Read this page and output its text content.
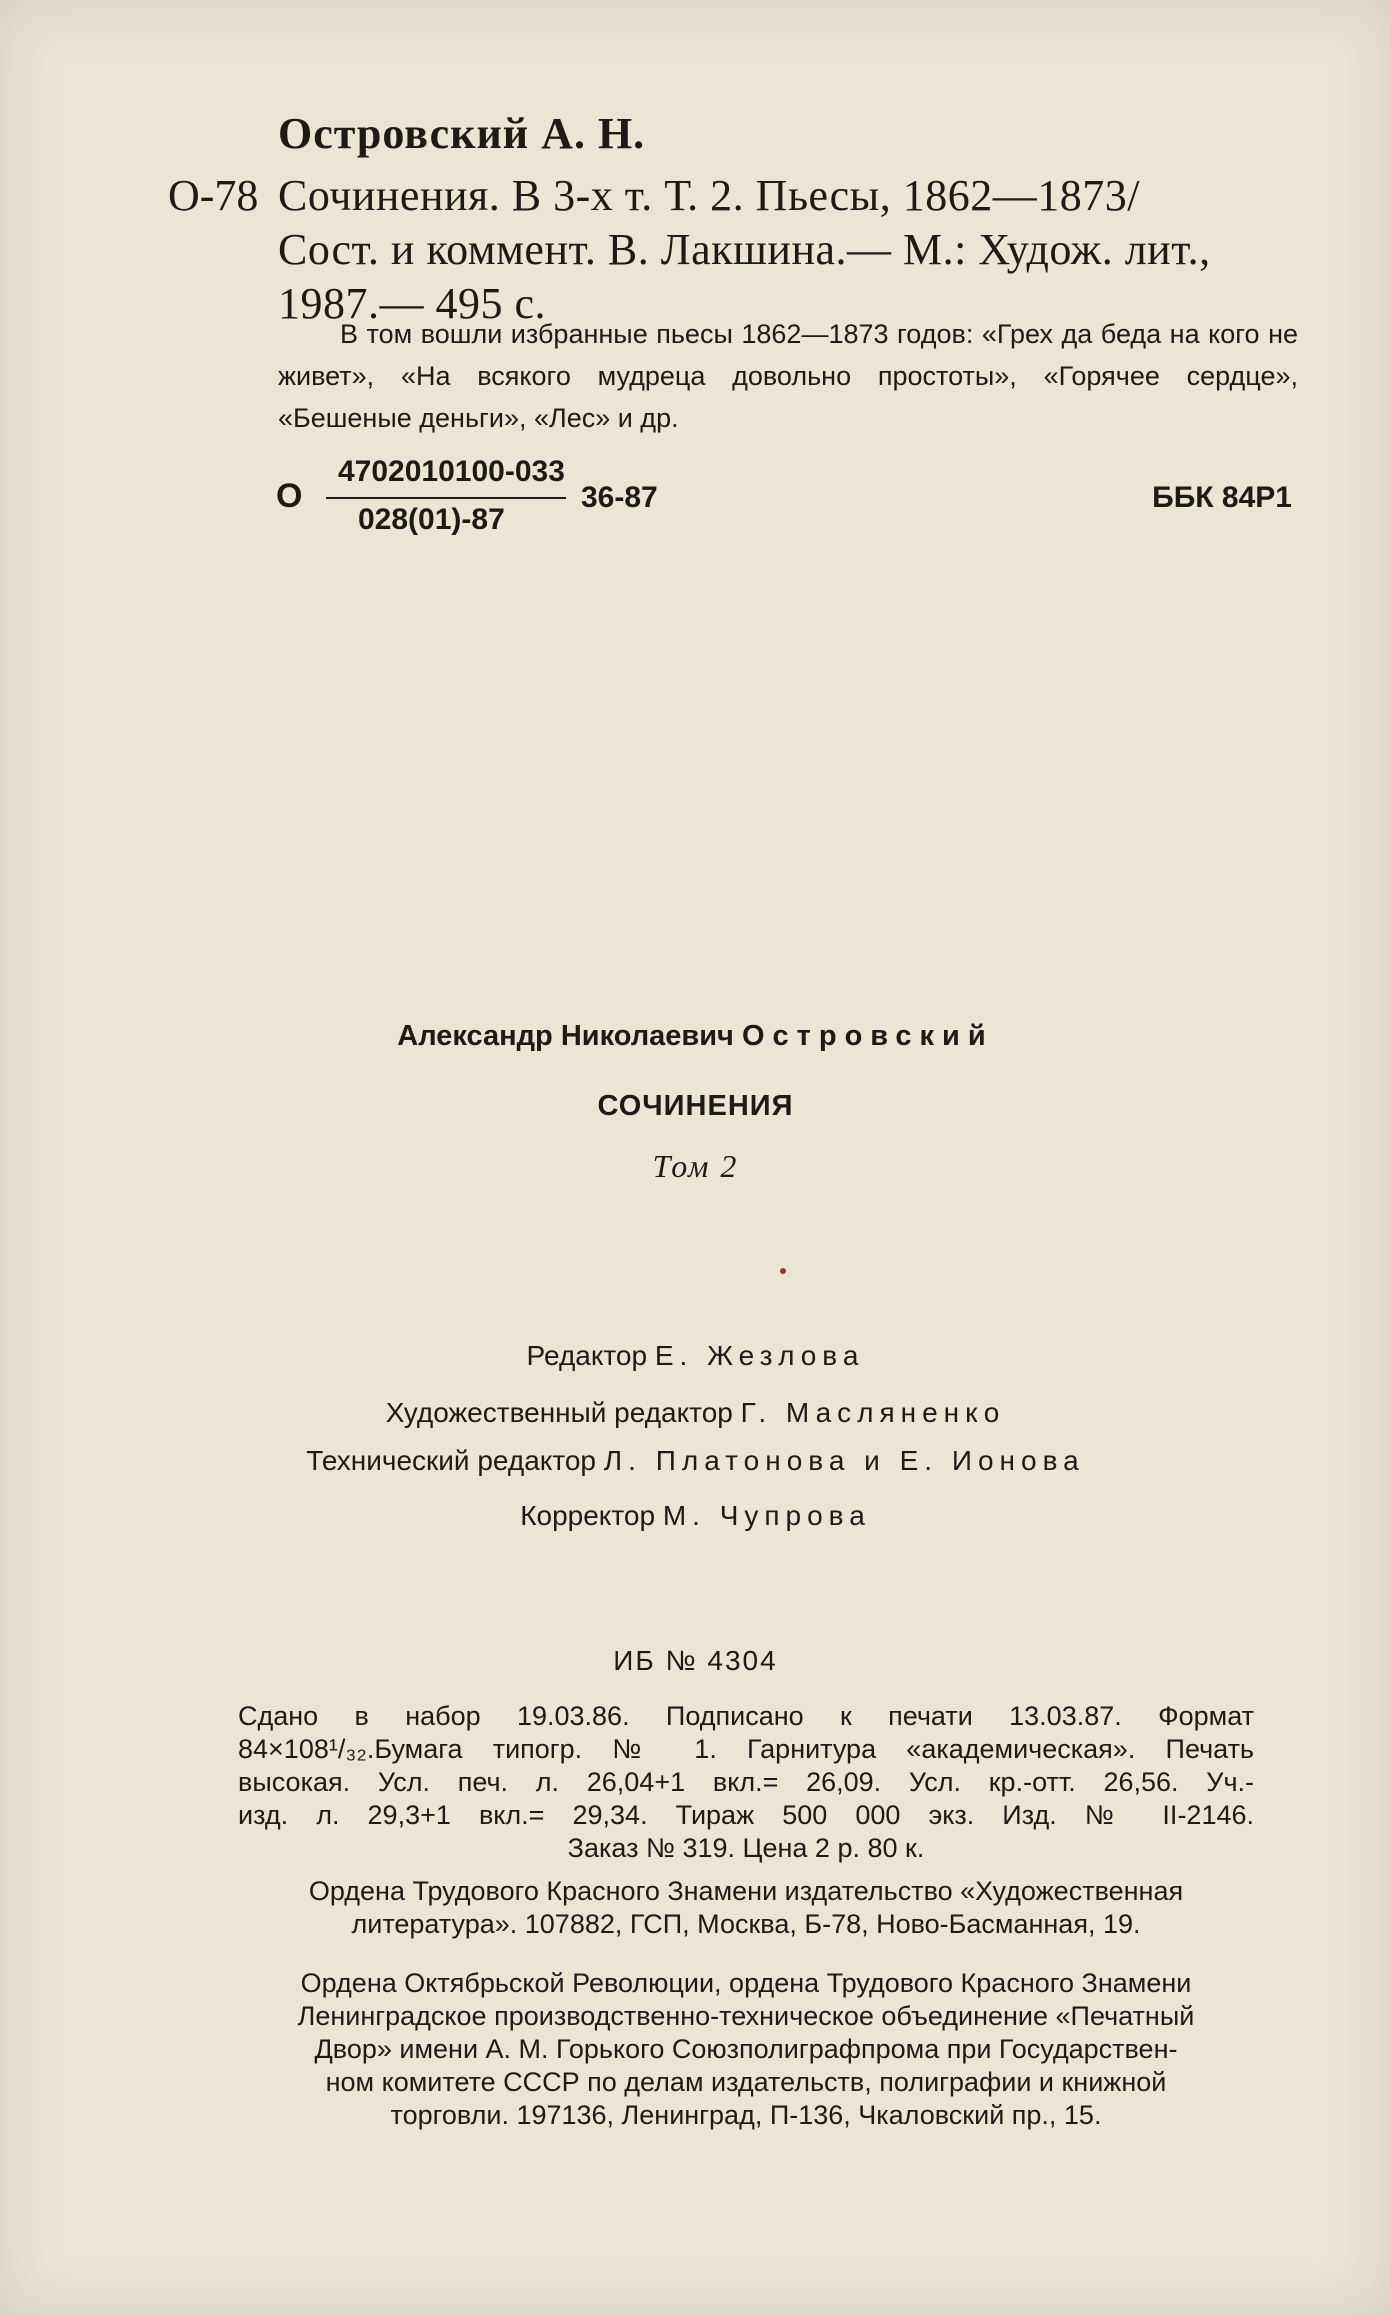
Островский А. Н.
О-78 Сочинения. В 3-х т. Т. 2. Пьесы, 1862—1873/
Сост. и коммент. В. Лакшина.— М.: Худож. лит.,
1987.— 495 с.

В том вошли избранные пьесы 1862—1873 годов: «Грех да беда на кого не живет», «На всякого мудреца довольно простоты», «Горячее сердце», «Бешеные деньги», «Лес» и др.

О
4702010100-033
028(01)-87
36-87	ББК 84Р1
Александр Николаевич Островский
СОЧИНЕНИЯ
Том 2
Редактор Е. Жезлова
Художественный редактор Г. Масляненко
Технический редактор Л. Платонова и Е. Ионова
Корректор М. Чупрова
ИБ № 4304

Сдано в набор 19.03.86. Подписано к печати 13.03.87. Формат

84×108¹/₃₂.Бумага типогр. № 1. Гарнитура «академическая». Печать

высокая. Усл. печ. л. 26,04+1 вкл.= 26,09. Усл. кр.-отт. 26,56. Уч.-

изд. л. 29,3+1 вкл.= 29,34. Тираж 500 000 экз. Изд. № II-2146.

Заказ № 319. Цена 2 р. 80 к.

Ордена Трудового Красного Знамени издательство «Художественная

литература». 107882, ГСП, Москва, Б-78, Ново-Басманная, 19.

Ордена Октябрьской Революции, ордена Трудового Красного Знамени

Ленинградское производственно-техническое объединение «Печатный

Двор» имени А. М. Горького Союзполиграфпрома при Государствен-

ном комитете СССР по делам издательств, полиграфии и книжной

торговли. 197136, Ленинград, П-136, Чкаловский пр., 15.
